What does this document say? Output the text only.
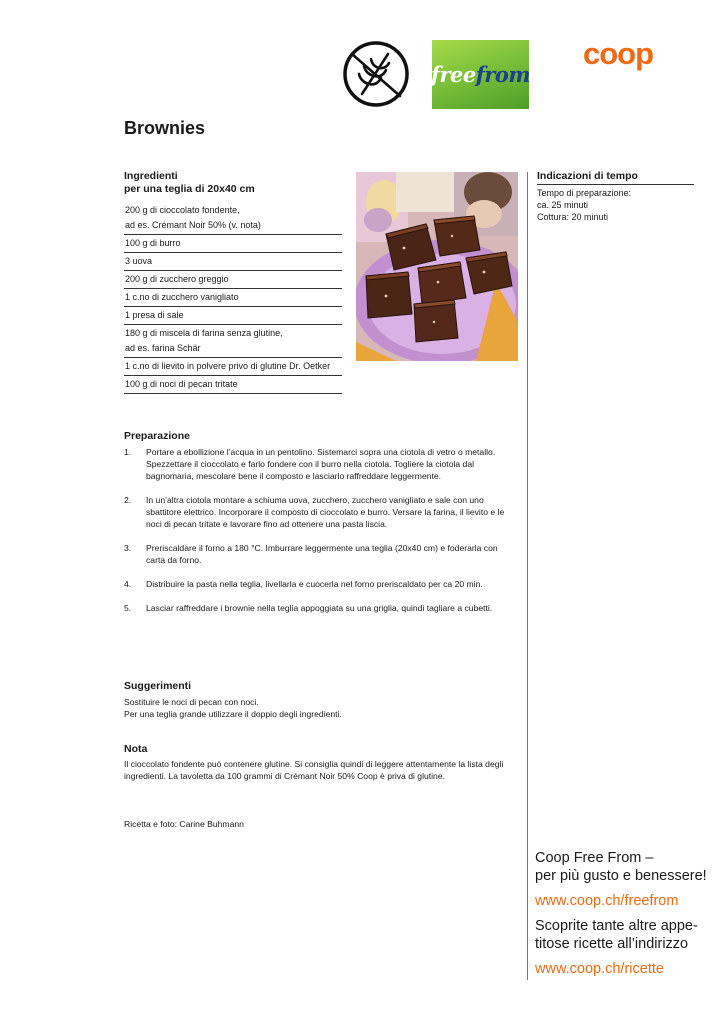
freefrom
coop
Brownies

Ingredienti

per una teglia di 20x40 cm

200 g di cioccolato fondente,
ad es. Crémant Noir 50% (v. nota)
100 g di burro
3 uova
200 g di zucchero greggio
1 c.no di zucchero vanigliato
1 presa di sale
180 g di miscela di farina senza glutine,
ad es. farina Schär
1 c.no di lievito in polvere privo di glutine Dr. Oetker
100 g di noci di pecan tritate

Indicazioni di tempo

Tempo di preparazione:
ca. 25 minuti
Cottura: 20 minuti

Preparazione

1. Portare a ebollizione l’acqua in un pentolino. Sistemarci sopra una ciotola di vetro o metallo. Spezzettare il cioccolato e farlo fondere con il burro nella ciotola. Togliere la ciotola dal bagnomaria, mescolare bene il composto e lasciarlo raffreddare leggermente.
2. In un’altra ciotola montare a schiuma uova, zucchero, zucchero vanigliato e sale con uno sbattitore elettrico. Incorporare il composto di cioccolato e burro. Versare la farina, il lievito e le noci di pecan tritate e lavorare fino ad ottenere una pasta liscia.
3. Preriscaldare il forno a 180 °C. Imburrare leggermente una teglia (20x40 cm) e foderarla con carta da forno.
4. Distribuire la pasta nella teglia, livellarla e cuocerla nel forno preriscaldato per ca 20 min.
5. Lasciar raffreddare i brownie nella teglia appoggiata su una griglia, quindi tagliare a cubetti.

Suggerimenti

Sostituire le noci di pecan con noci.
Per una teglia grande utilizzare il doppio degli ingredienti.

Nota

Il cioccolato fondente può contenere glutine. Si consiglia quindi di leggere attentamente la lista degli ingredienti. La tavoletta da 100 grammi di Crémant Noir 50% Coop è priva di glutine.
Ricetta e foto: Carine Buhmann
Coop Free From –
per più gusto e benessere!
www.coop.ch/freefrom
Scoprite tante altre appe-
titose ricette all’indirizzo
www.coop.ch/ricette
